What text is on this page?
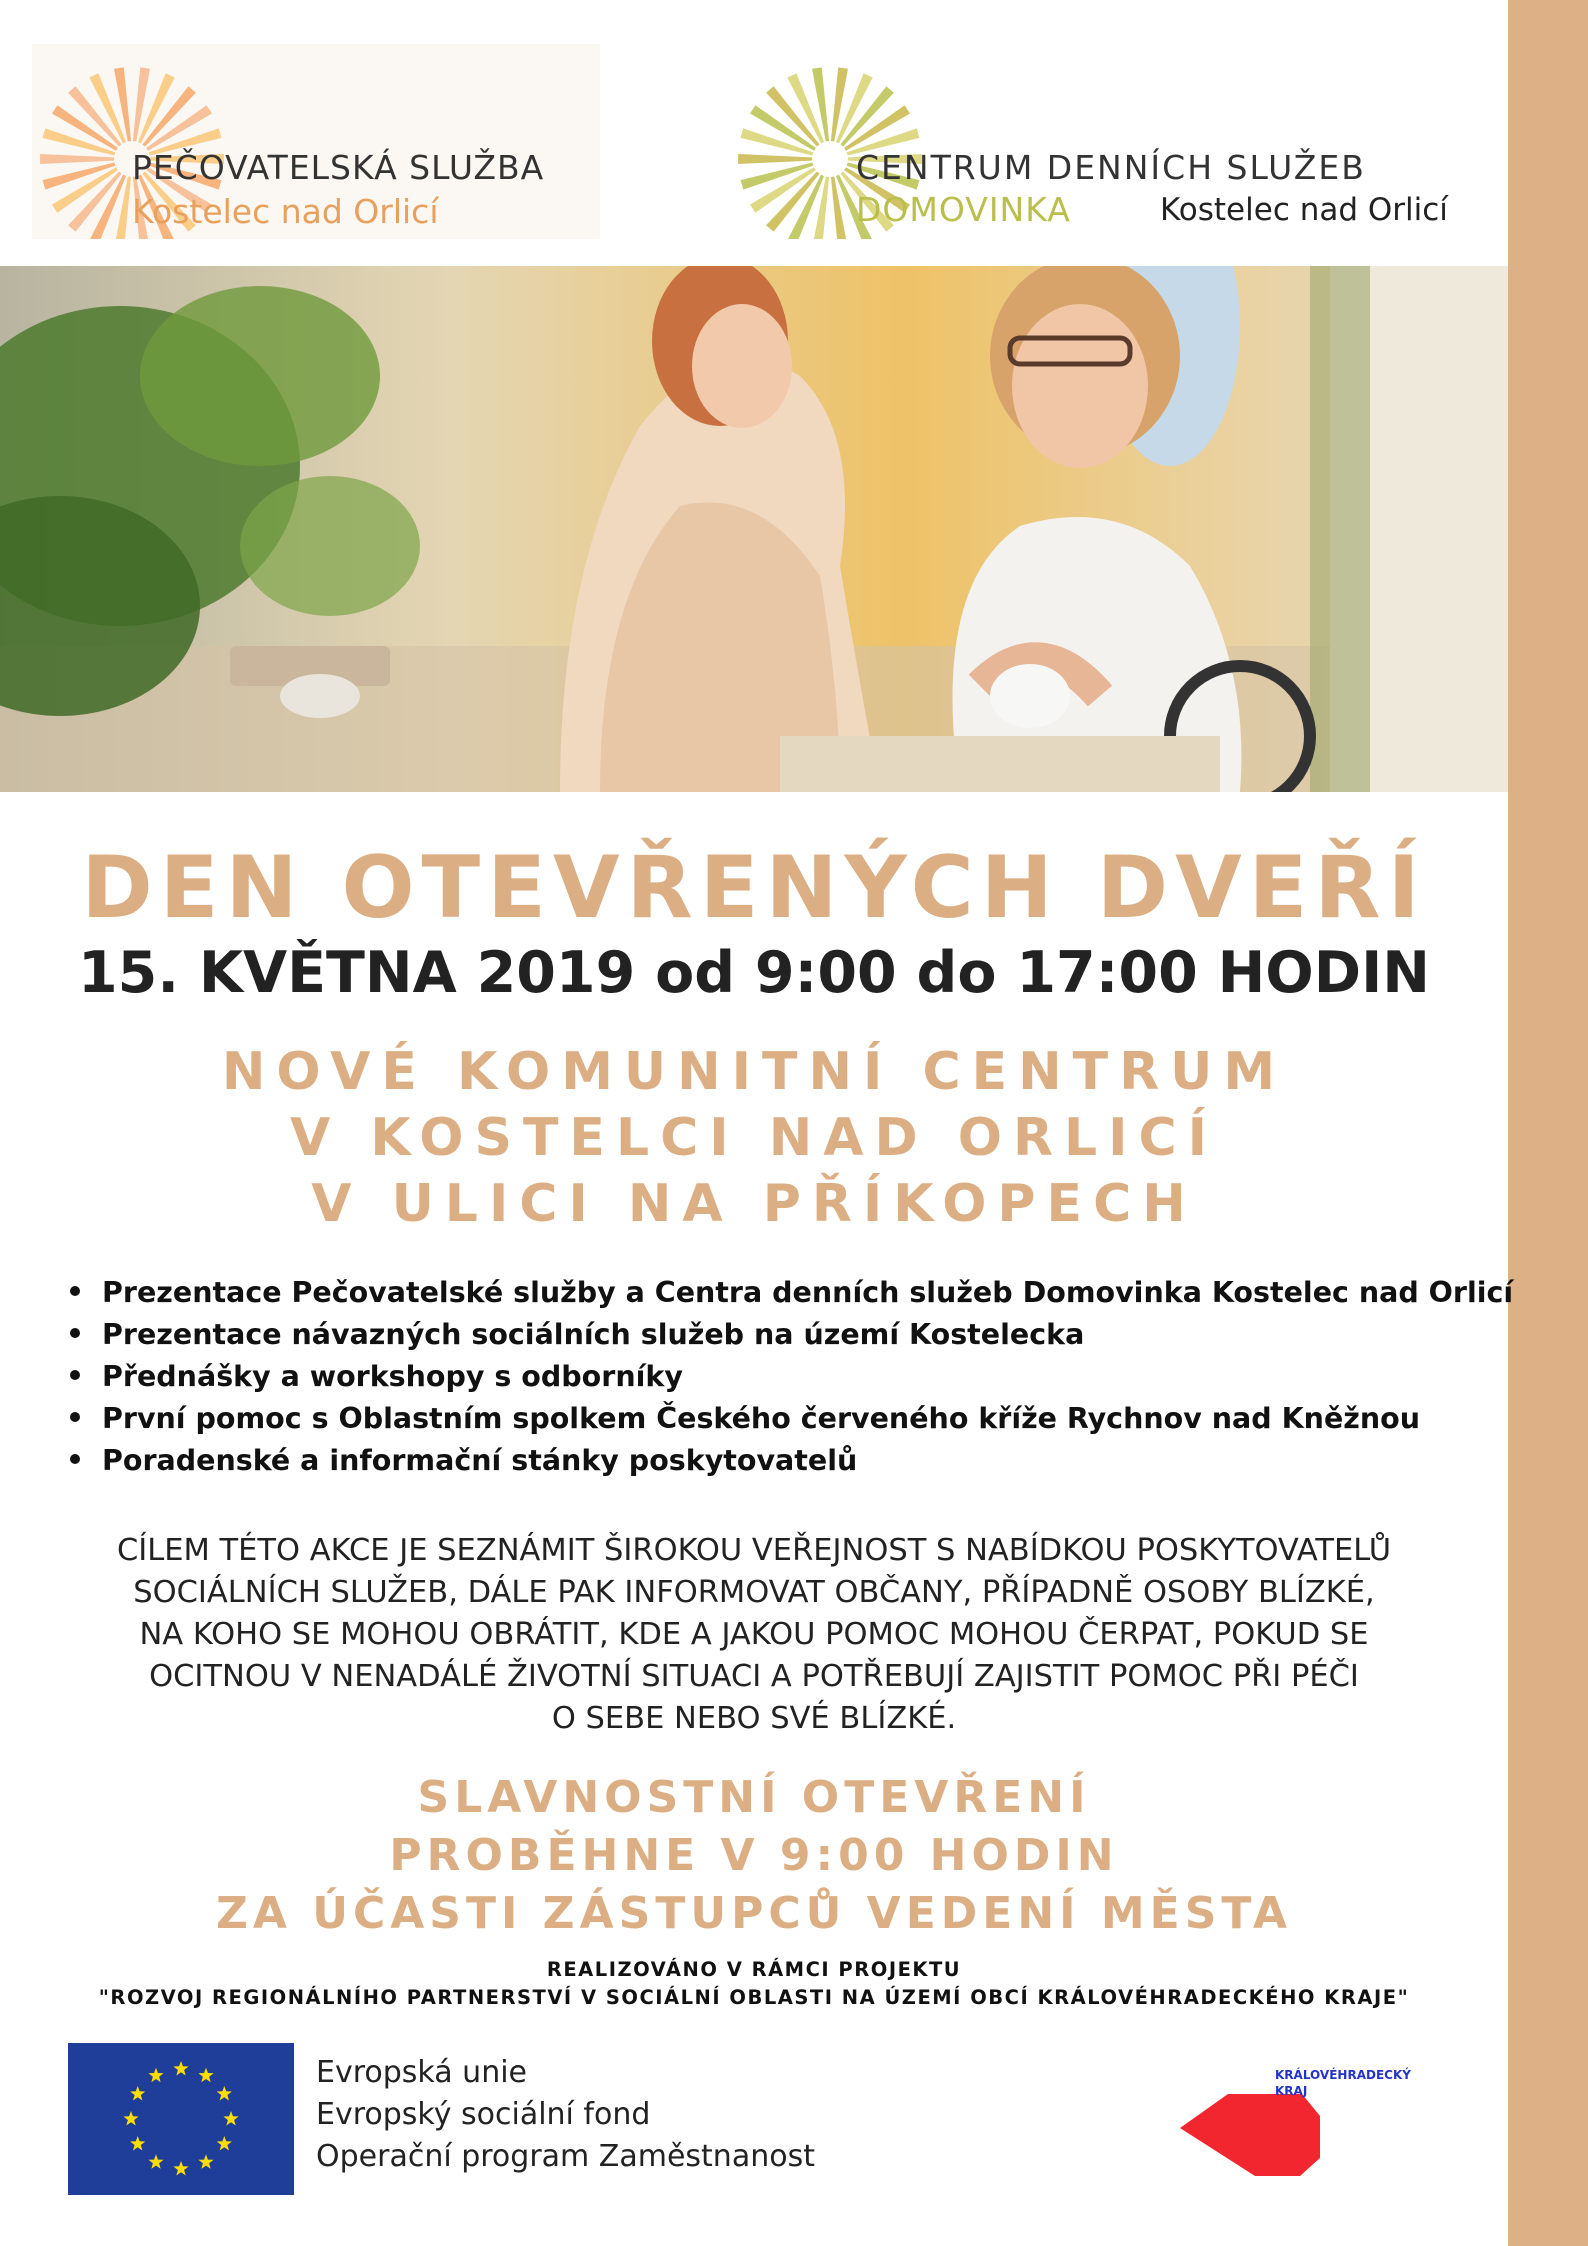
PEČOVATELSKÁ SLUŽBA
Kostelec nad Orlicí
CENTRUM DENNÍCH SLUŽEB
DOMOVINKA	Kostelec nad Orlicí
DEN OTEVŘENÝCH DVEŘÍ
15. KVĚTNA 2019 od 9:00 do 17:00 HODIN
NOVÉ KOMUNITNÍ CENTRUM
V KOSTELCI NAD ORLICÍ
V ULICI NA PŘÍKOPECH
Prezentace Pečovatelské služby a Centra denních služeb Domovinka Kostelec nad Orlicí
Prezentace návazných sociálních služeb na území Kostelecka
Přednášky a workshopy s odborníky
První pomoc s Oblastním spolkem Českého červeného kříže Rychnov nad Kněžnou
Poradenské a informační stánky poskytovatelů
CÍLEM TÉTO AKCE JE SEZNÁMIT ŠIROKOU VEŘEJNOST S NABÍDKOU POSKYTOVATELŮ
SOCIÁLNÍCH SLUŽEB, DÁLE PAK INFORMOVAT OBČANY, PŘÍPADNĚ OSOBY BLÍZKÉ,
NA KOHO SE MOHOU OBRÁTIT, KDE A JAKOU POMOC MOHOU ČERPAT, POKUD SE
OCITNOU V NENADÁLÉ ŽIVOTNÍ SITUACI A POTŘEBUJÍ ZAJISTIT POMOC PŘI PÉČI
O SEBE NEBO SVÉ BLÍZKÉ.
SLAVNOSTNÍ OTEVŘENÍ
PROBĚHNE V 9:00 HODIN
ZA ÚČASTI ZÁSTUPCŮ VEDENÍ MĚSTA
REALIZOVÁNO V RÁMCI PROJEKTU
"ROZVOJ REGIONÁLNÍHO PARTNERSTVÍ V SOCIÁLNÍ OBLASTI NA ÚZEMÍ OBCÍ KRÁLOVÉHRADECKÉHO KRAJE"
Evropská unie
Evropský sociální fond
Operační program Zaměstnanost
KRÁLOVÉHRADECKÝ
KRAJ
